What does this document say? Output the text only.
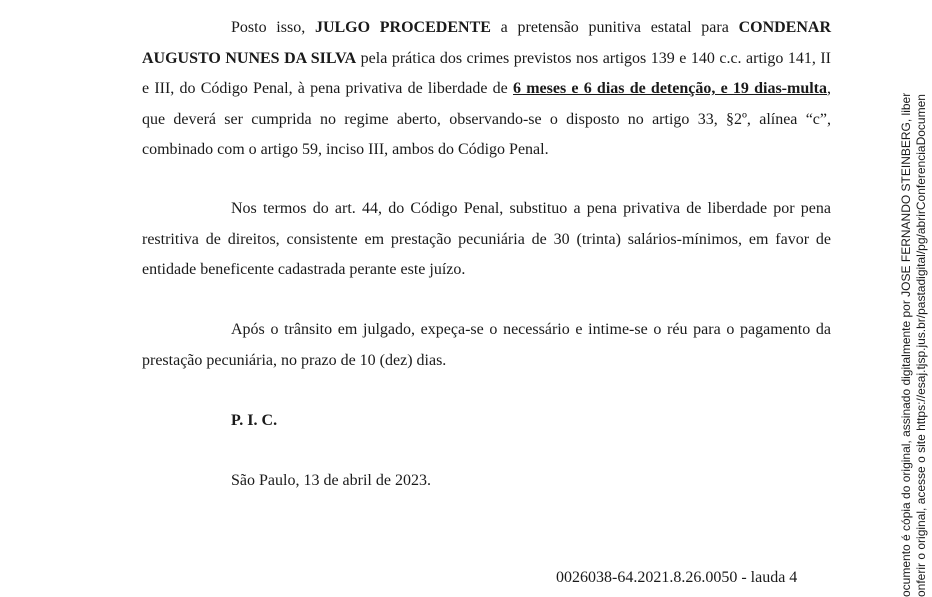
Posto isso, JULGO PROCEDENTE a pretensão punitiva estatal para CONDENAR AUGUSTO NUNES DA SILVA pela prática dos crimes previstos nos artigos 139 e 140 c.c. artigo 141, II e III, do Código Penal, à pena privativa de liberdade de 6 meses e 6 dias de detenção, e 19 dias-multa, que deverá ser cumprida no regime aberto, observando-se o disposto no artigo 33, §2º, alínea “c”, combinado com o artigo 59, inciso III, ambos do Código Penal.

Nos termos do art. 44, do Código Penal, substituo a pena privativa de liberdade por pena restritiva de direitos, consistente em prestação pecuniária de 30 (trinta) salários-mínimos, em favor de entidade beneficente cadastrada perante este juízo.

Após o trânsito em julgado, expeça-se o necessário e intime-se o réu para o pagamento da prestação pecuniária, no prazo de 10 (dez) dias.

P. I. C.

São Paulo, 13 de abril de 2023.

0026038-64.2021.8.26.0050 - lauda 4	ocumento é cópia do original, assinado digitalmente por JOSE FERNANDO STEINBERG, liber onferir o original, acesse o site https://esaj.tjsp.jus.br/pastadigital/pg/abrirConferenciaDocumen
